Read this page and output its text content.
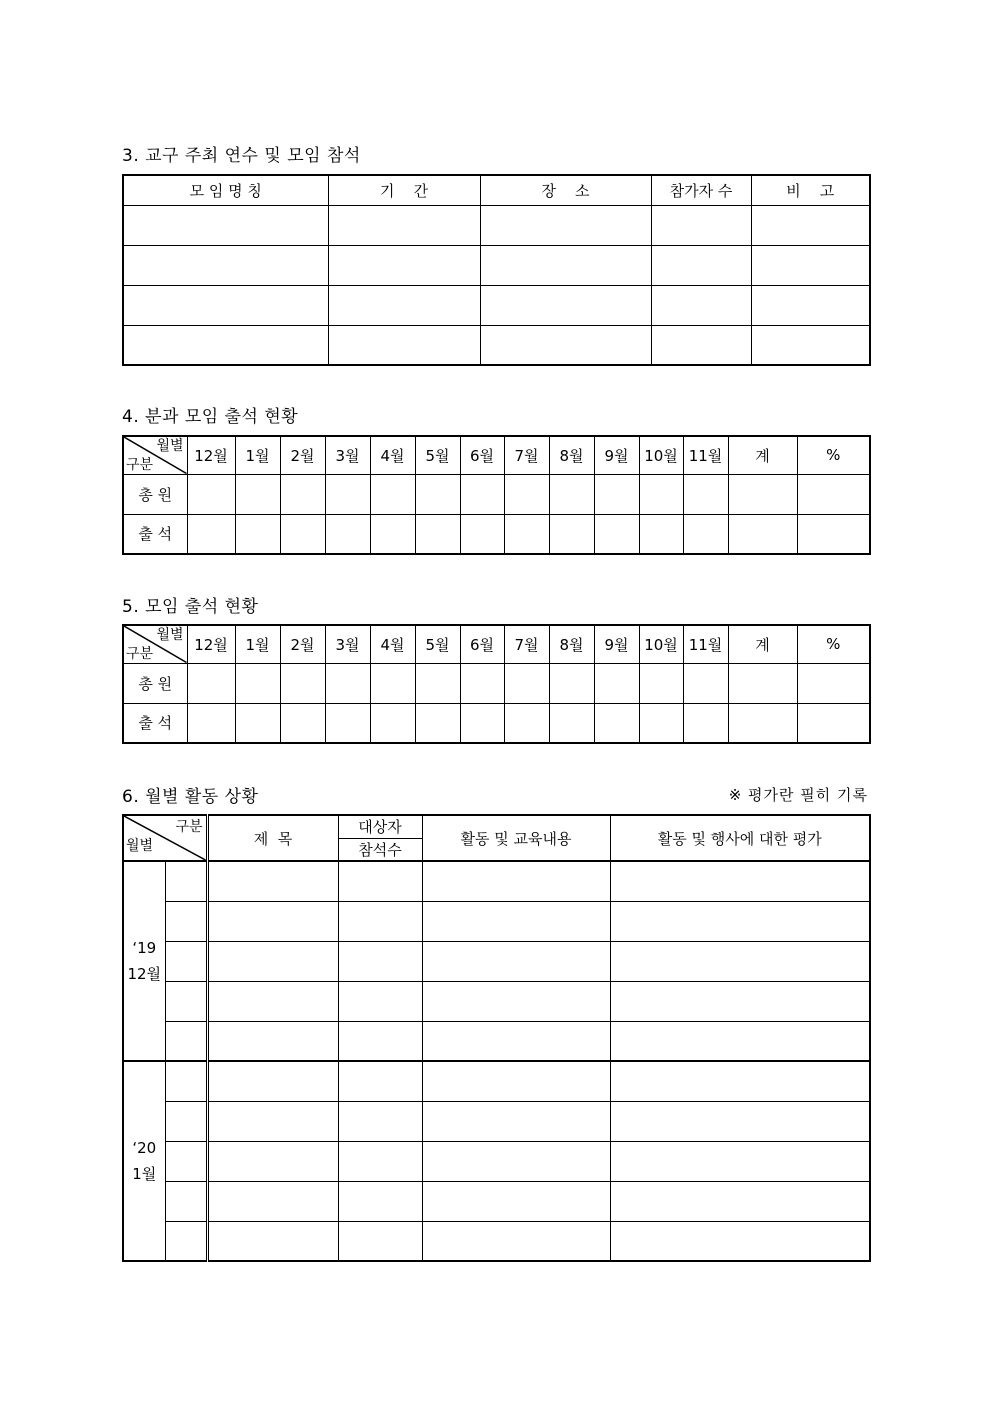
3. 교구 주최 연수 및 모임 참석
모 임 명 칭	기    간	장    소	참가자 수	비    고

4. 분과 모임 출석 현황
월별
구분	12월	1월	2월	3월	4월	5월	6월	7월	8월	9월	10월	11월	계	%
총 원														
출 석														
5. 모임 출석 현황
월별
구분	12월	1월	2월	3월	4월	5월	6월	7월	8월	9월	10월	11월	계	%
총 원														
출 석														
6. 월별 활동 상황	※ 평가란 필히 기록
구분
월별		제  목	대상자	활동 및 교육내용	활동 및 행사에 대한 평가
			참석수		

‘19
12월					

‘20
1월					
